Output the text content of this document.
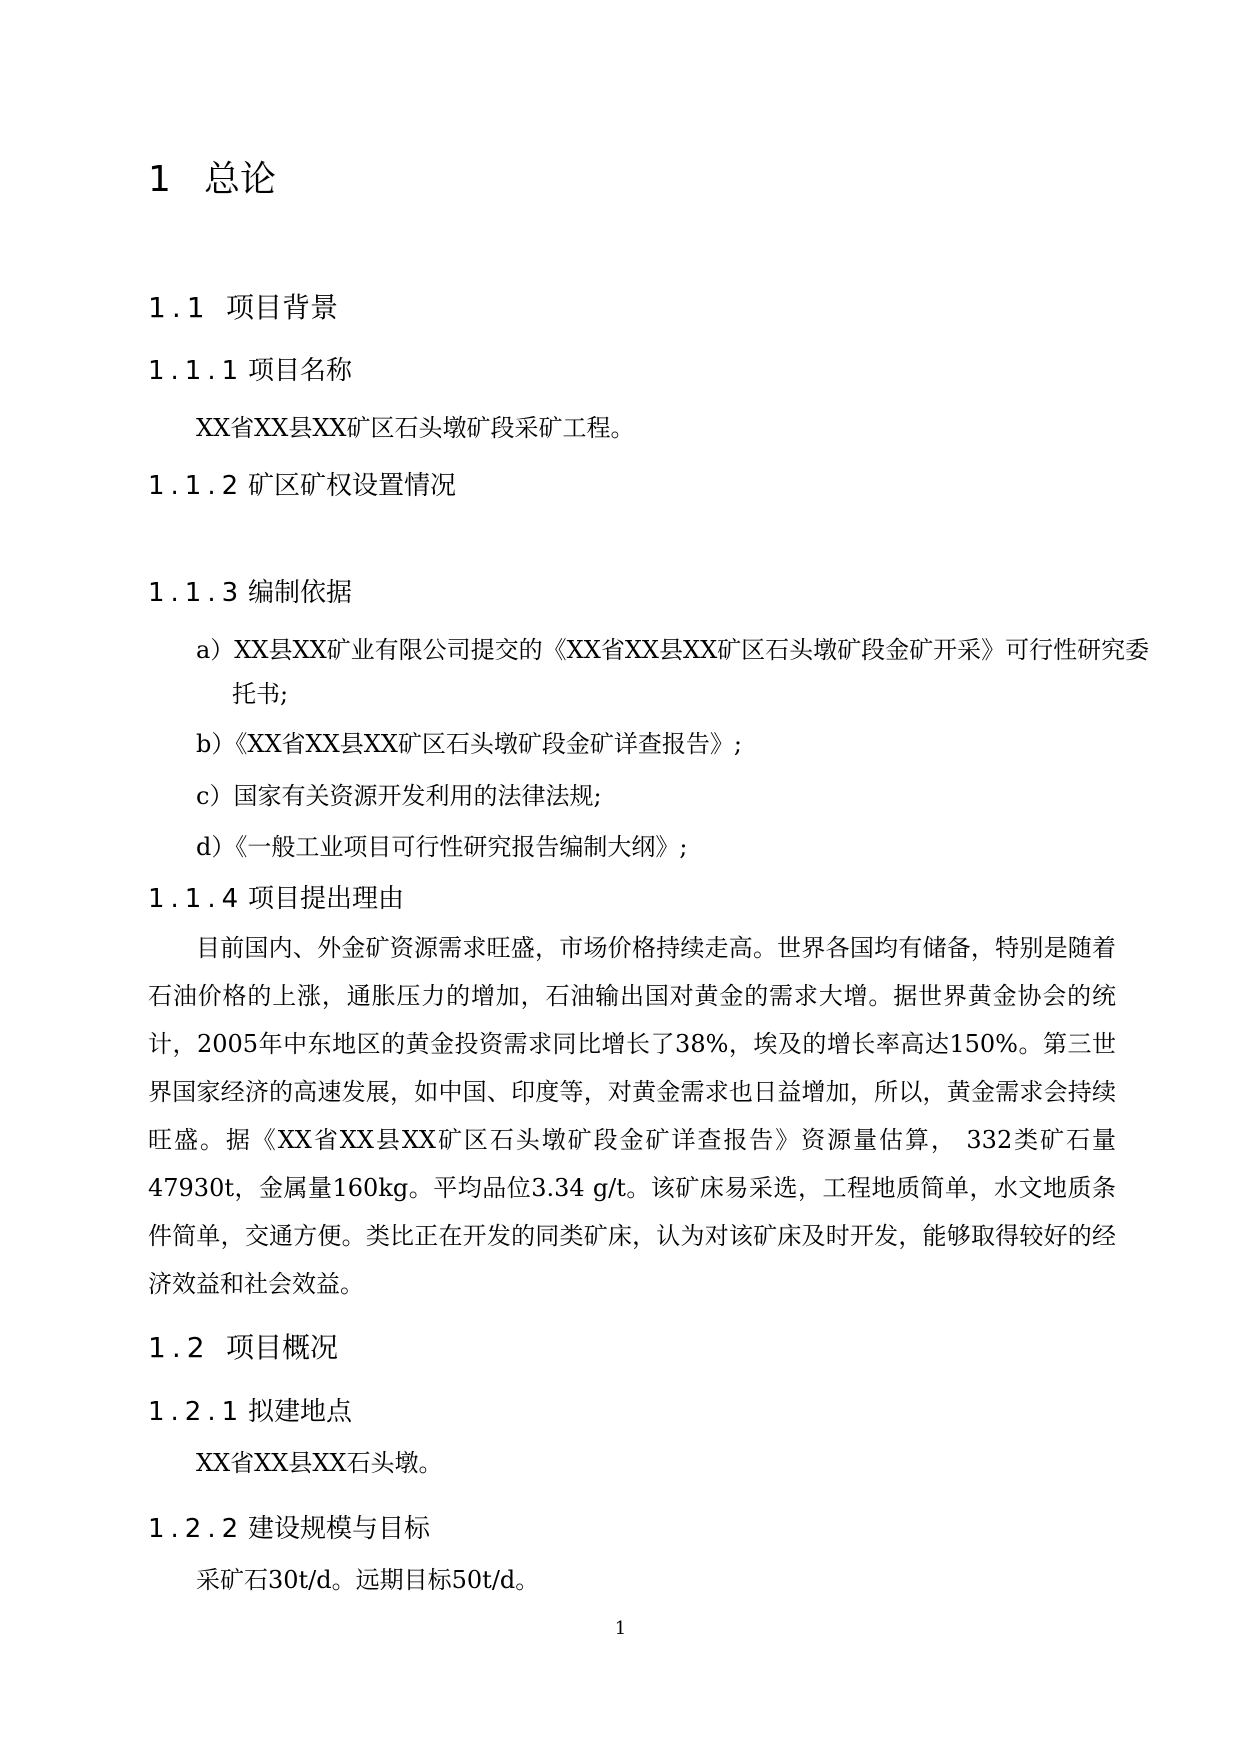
1 总论
1.1 项目背景
1.1.1 项目名称
XX省XX县XX矿区石头墩矿段采矿工程。
1.1.2 矿区矿权设置情况
1.1.3 编制依据
a）XX县XX矿业有限公司提交的《XX省XX县XX矿区石头墩矿段金矿开采》可行性研究委托书;
b）《XX省XX县XX矿区石头墩矿段金矿详查报告》;
c）国家有关资源开发利用的法律法规;
d）《一般工业项目可行性研究报告编制大纲》;
1.1.4 项目提出理由
目前国内、外金矿资源需求旺盛，市场价格持续走高。世界各国均有储备，特别是随着石油价格的上涨，通胀压力的增加，石油输出国对黄金的需求大增。据世界黄金协会的统计，2005年中东地区的黄金投资需求同比增长了38%，埃及的增长率高达150%。第三世界国家经济的高速发展，如中国、印度等，对黄金需求也日益增加，所以，黄金需求会持续旺盛。据《XX省XX县XX矿区石头墩矿段金矿详查报告》资源量估算， 332类矿石量47930t，金属量160kg。平均品位3.34 g/t。该矿床易采选，工程地质简单，水文地质条件简单，交通方便。类比正在开发的同类矿床，认为对该矿床及时开发，能够取得较好的经济效益和社会效益。
1.2 项目概况
1.2.1 拟建地点
XX省XX县XX石头墩。
1.2.2 建设规模与目标
采矿石30t/d。远期目标50t/d。
1
